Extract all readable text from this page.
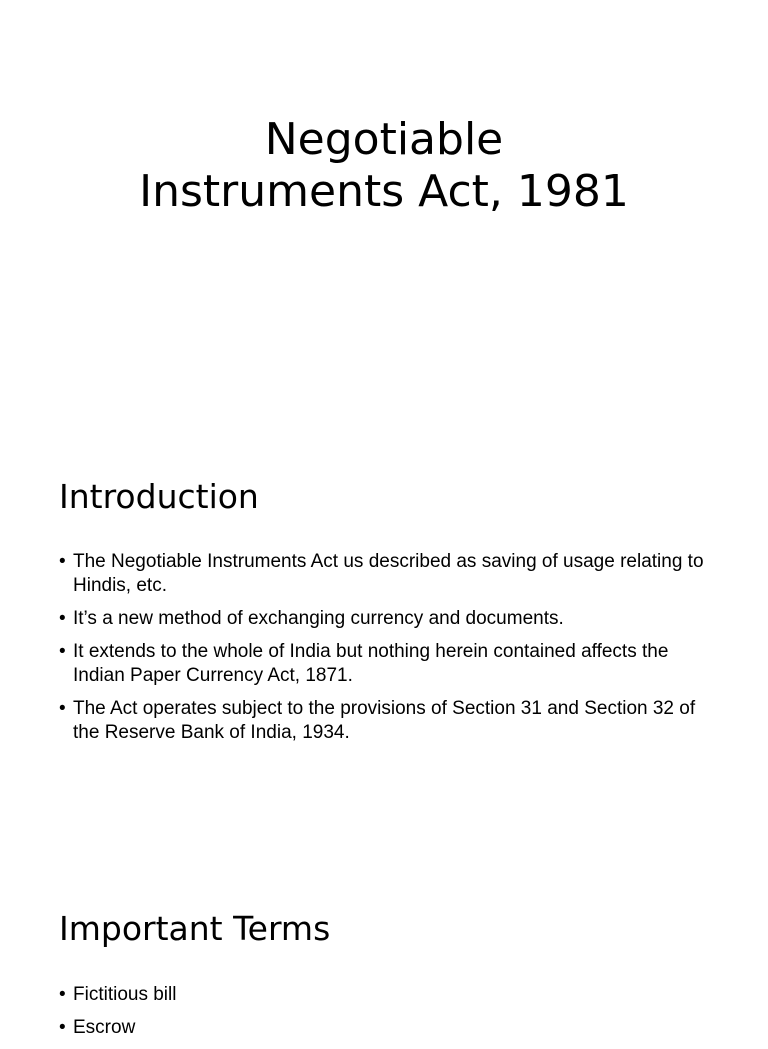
Negotiable
Instruments Act, 1981
Introduction
• The Negotiable Instruments Act us described as saving of usage relating to Hindis, etc.
• It’s a new method of exchanging currency and documents.
• It extends to the whole of India but nothing herein contained affects the Indian Paper Currency Act, 1871.
• The Act operates subject to the provisions of Section 31 and Section 32 of the Reserve Bank of India, 1934.
Important Terms
• Fictitious bill
• Escrow
